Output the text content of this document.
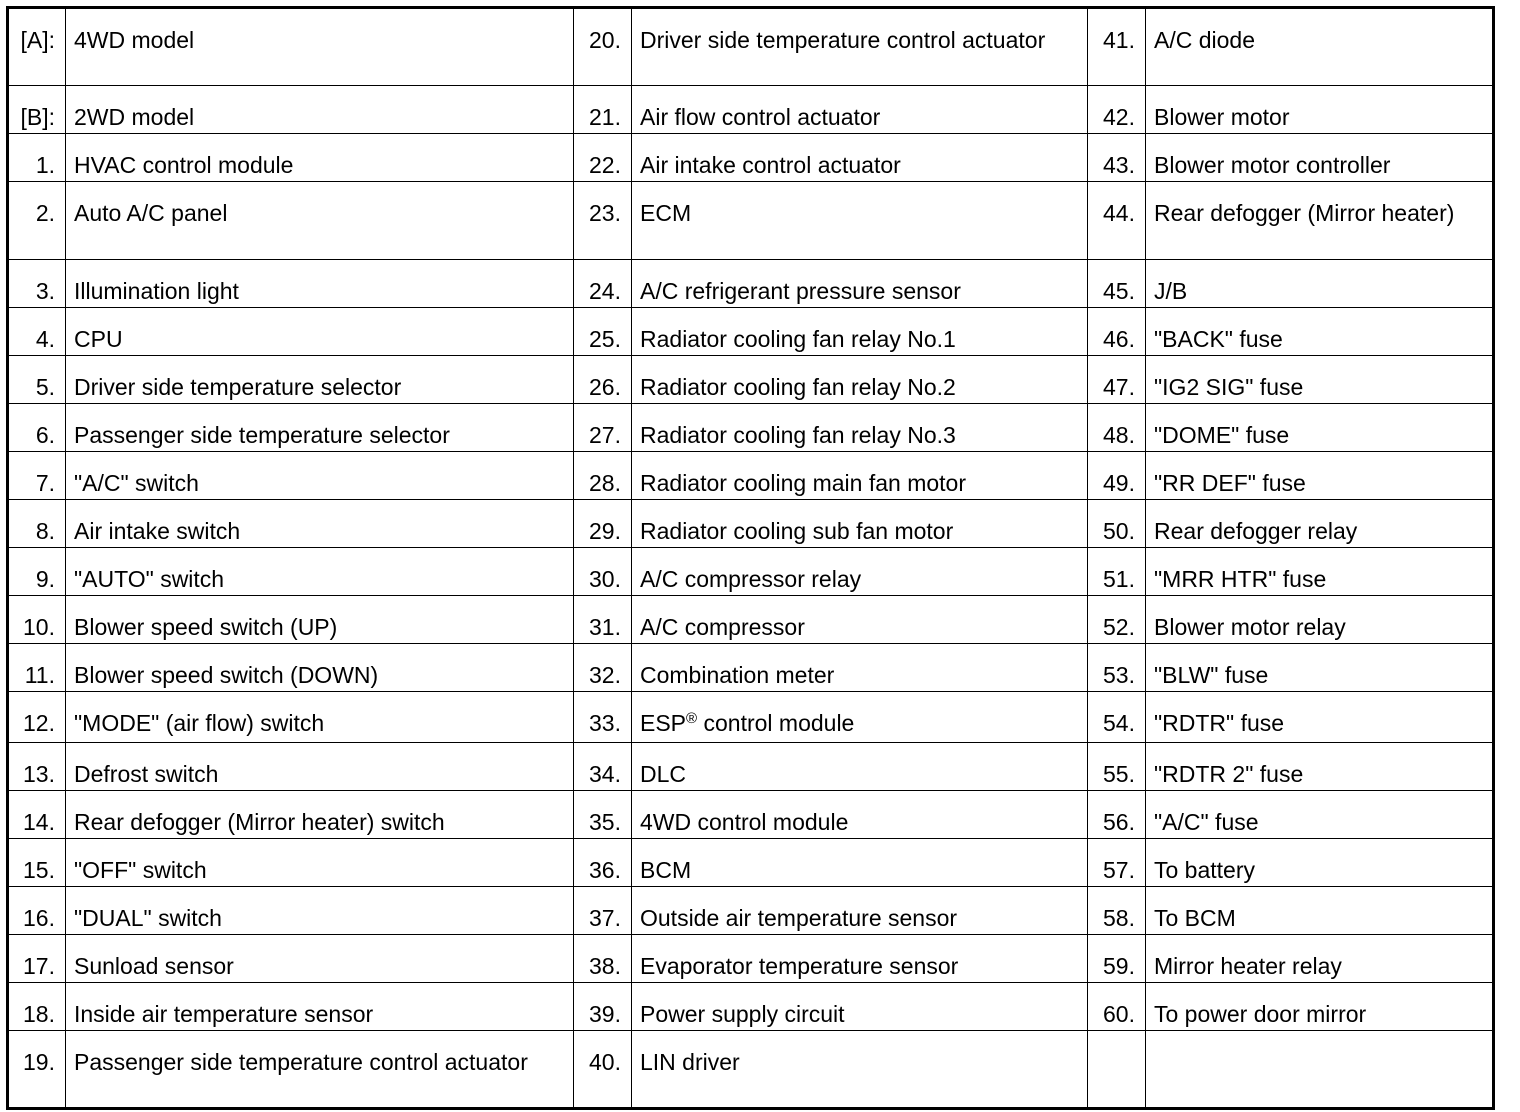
[A]:	4WD model	20.	Driver side temperature control actuator	41.	A/C diode
[B]:	2WD model	21.	Air flow control actuator	42.	Blower motor
1.	HVAC control module	22.	Air intake control actuator	43.	Blower motor controller
2.	Auto A/C panel	23.	ECM	44.	Rear defogger (Mirror heater)
3.	Illumination light	24.	A/C refrigerant pressure sensor	45.	J/B
4.	CPU	25.	Radiator cooling fan relay No.1	46.	"BACK" fuse
5.	Driver side temperature selector	26.	Radiator cooling fan relay No.2	47.	"IG2 SIG" fuse
6.	Passenger side temperature selector	27.	Radiator cooling fan relay No.3	48.	"DOME" fuse
7.	"A/C" switch	28.	Radiator cooling main fan motor	49.	"RR DEF" fuse
8.	Air intake switch	29.	Radiator cooling sub fan motor	50.	Rear defogger relay
9.	"AUTO" switch	30.	A/C compressor relay	51.	"MRR HTR" fuse
10.	Blower speed switch (UP)	31.	A/C compressor	52.	Blower motor relay
11.	Blower speed switch (DOWN)	32.	Combination meter	53.	"BLW" fuse
12.	"MODE" (air flow) switch	33.	ESP® control module	54.	"RDTR" fuse
13.	Defrost switch	34.	DLC	55.	"RDTR 2" fuse
14.	Rear defogger (Mirror heater) switch	35.	4WD control module	56.	"A/C" fuse
15.	"OFF" switch	36.	BCM	57.	To battery
16.	"DUAL" switch	37.	Outside air temperature sensor	58.	To BCM
17.	Sunload sensor	38.	Evaporator temperature sensor	59.	Mirror heater relay
18.	Inside air temperature sensor	39.	Power supply circuit	60.	To power door mirror
19.	Passenger side temperature control actuator	40.	LIN driver		
